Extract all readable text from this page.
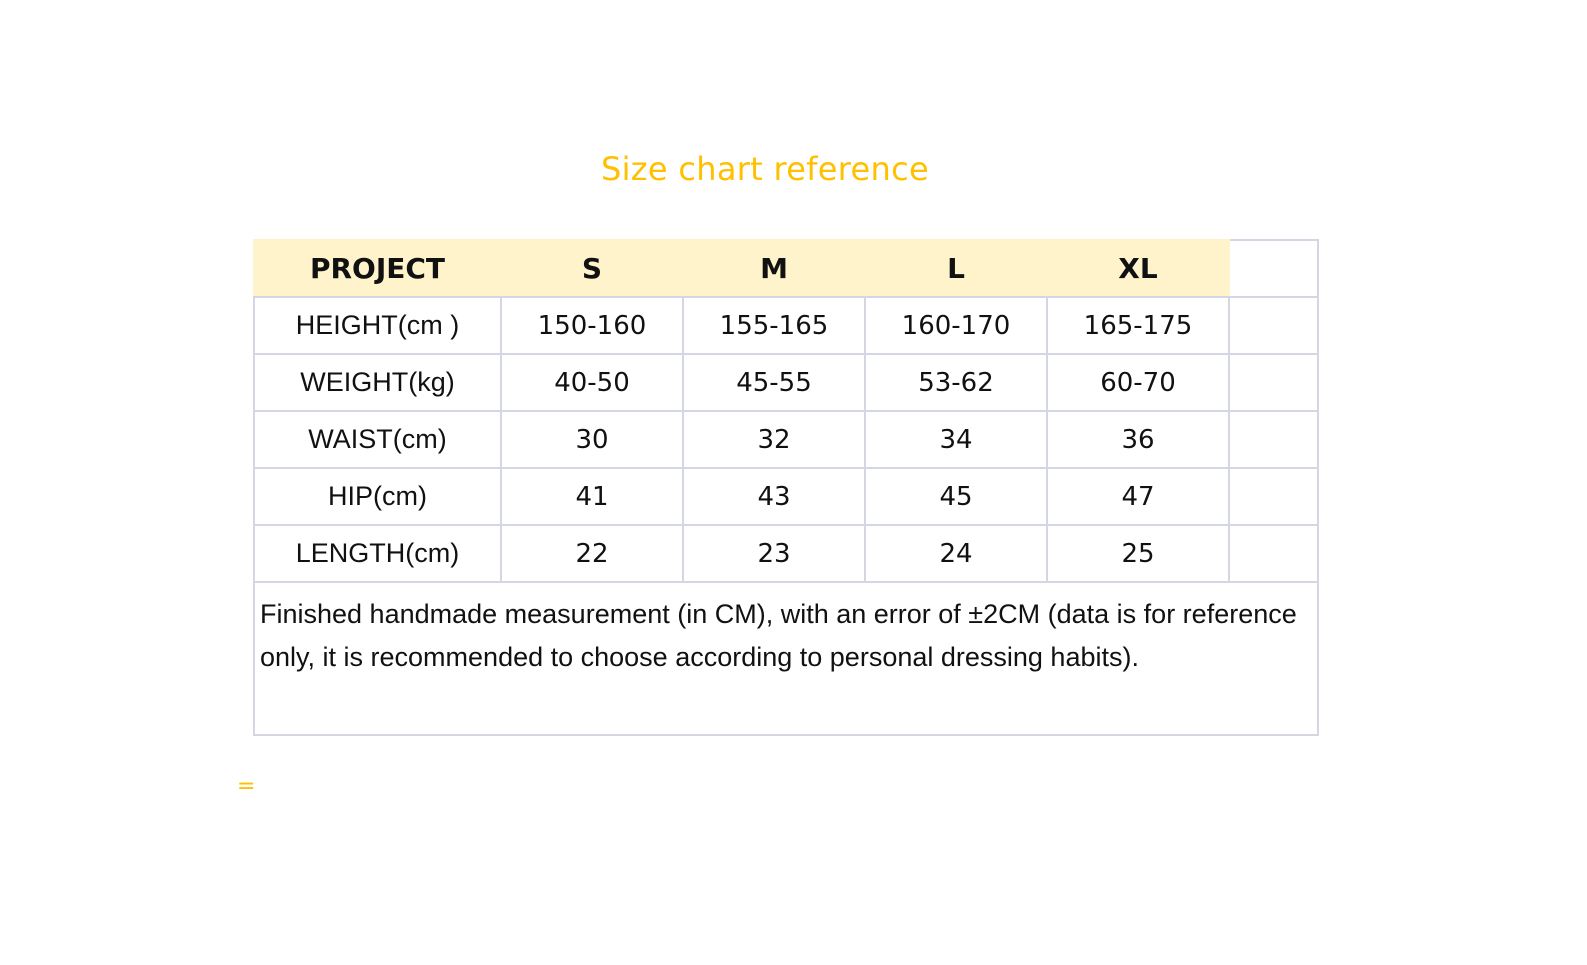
Size chart reference
PROJECT	S	M	L	XL	
HEIGHT(cm )	150-160	155-165	160-170	165-175	
WEIGHT(kg)	40-50	45-55	53-62	60-70	
WAIST(cm)	30	32	34	36	
HIP(cm)	41	43	45	47	
LENGTH(cm)	22	23	24	25	
Finished handmade measurement (in CM), with an error of ±2CM (data is for reference only, it is recommended to choose according to personal dressing habits).					
=
